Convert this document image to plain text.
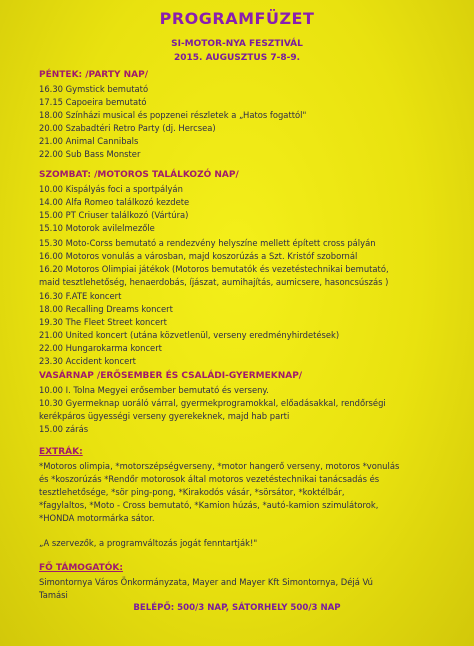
PROGRAMFÜZET
SI-MOTOR-NYA FESZTIVÁL
2015. AUGUSZTUS 7-8-9.
PÉNTEK: /PARTY NAP/
16.30 Gymstick bemutató
17.15 Capoeira bemutató
18.00 Színházi musical és popzenei részletek a „Hatos fogattól"
20.00 Szabadtéri Retro Party (dj. Hercsea)
21.00 Animal Cannibals
22.00 Sub Bass Monster
SZOMBAT: /MOTOROS TALÁLKOZÓ NAP/
10.00 Kispályás foci a sportpályán
14.00 Alfa Romeo találkozó kezdete
15.00 PT Criuser találkozó (Vártúra)
15.10 Motorok avilelmezőle
15.30 Moto-Corss bemutató a rendezvény helyszíne mellett épített cross pályán
16.00 Motoros vonulás a városban, majd koszorúzás a Szt. Kristóf szobornál
16.20 Motoros Olimpiai játékok (Motoros bemutatók és vezetéstechnikai bemutató,
maid tesztlehetőség, henaerdobás, íjászat, aumihajítás, aumicsere, hasoncsúszás )
16.30 F.ATE koncert
18.00 Recalling Dreams koncert
19.30 The Fleet Street koncert
21.00 United koncert (utána közvetlenül, verseny eredményhirdetések)
22.00 Hungarokarma koncert
23.30 Accident koncert
VASÁRNAP /ERŐSEMBER ÉS CSALÁDI-GYERMEKNAP/
10.00 I. Tolna Megyei erősember bemutató és verseny.
10.30 Gyermeknap uoráló várral, gyermekprogramokkal, előadásakkal, rendőrségi
kerékpáros ügyességi verseny gyerekeknek, majd hab parti
15.00 zárás
EXTRÁK:
*Motoros olimpia, *motorszépségverseny, *motor hangerő verseny, motoros *vonulás
és *koszorúzás *Rendőr motorosok által motoros vezetéstechnikai tanácsadás és
tesztlehetősége, *sör ping-pong, *Kirakodós vásár, *sörsátor, *koktélbár,
*fagylaltos, *Moto - Cross bemutató, *Kamion húzás, *autó-kamion szimulátorok,
*HONDA motormárka sátor.
„A szervezők, a programváltozás jogát fenntartják!"
FŐ TÁMOGATÓK:
Simontornya Város Önkormányzata, Mayer and Mayer Kft Simontornya, Déjá Vú
Tamási
BELÉPŐ: 500/3 NAP, SÁTORHELY 500/3 NAP
